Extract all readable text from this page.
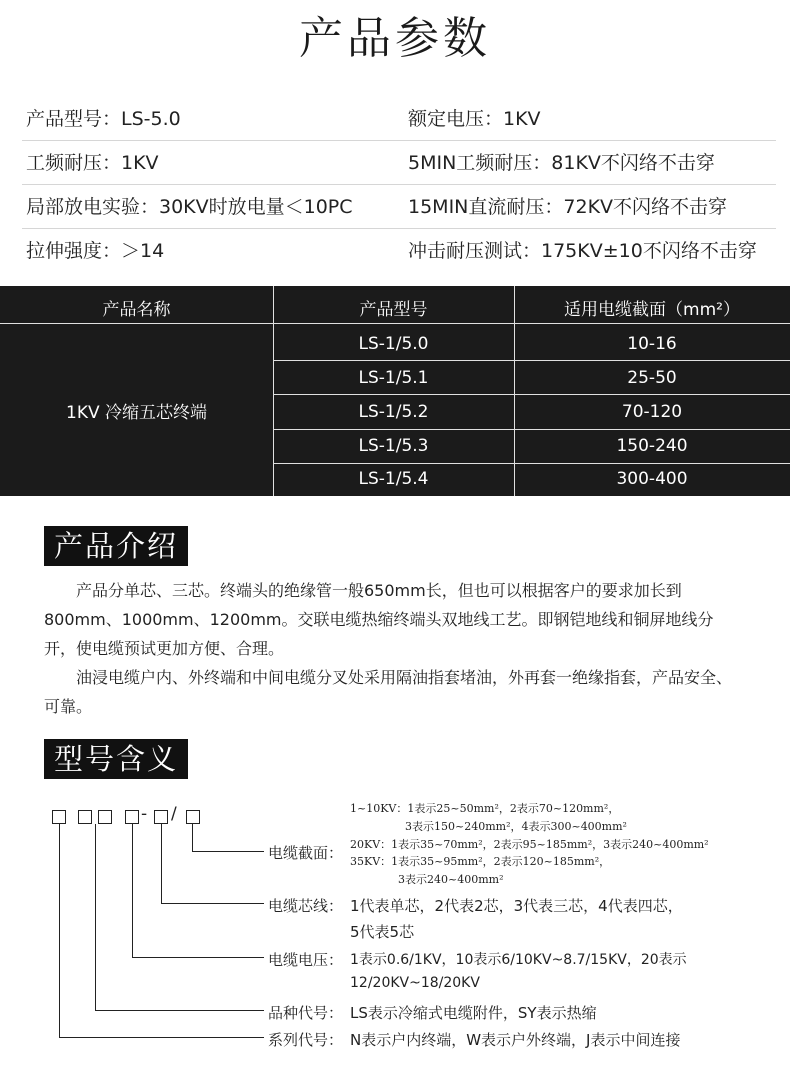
产品参数
产品型号：LS-5.0	额定电压：1KV
工频耐压：1KV	5MIN工频耐压：81KV不闪络不击穿
局部放电实验：30KV时放电量＜10PC	15MIN直流耐压：72KV不闪络不击穿
拉伸强度：＞14	冲击耐压测试：175KV±10不闪络不击穿
产品名称	产品型号	适用电缆截面（mm²）
1KV 冷缩五芯终端
LS-1/5.0	10-16
LS-1/5.1	25-50
LS-1/5.2	70-120
LS-1/5.3	150-240
LS-1/5.4	300-400
产品介绍

产品分单芯、三芯。终端头的绝缘管一般650mm长，但也可以根据客户的要求加长到800mm、1000mm、1200mm。交联电缆热缩终端头双地线工艺。即钢铠地线和铜屏地线分开，使电缆预试更加方便、合理。

油浸电缆户内、外终端和中间电缆分叉处采用隔油指套堵油，外再套一绝缘指套，产品安全、可靠。

型号含义
- /
电缆截面：
1~10KV：1表示25~50mm²，2表示70~120mm²，
3表示150~240mm²，4表示300~400mm²
20KV：1表示35~70mm²，2表示95~185mm²，3表示240~400mm²
35KV：1表示35~95mm²，2表示120~185mm²，
3表示240~400mm²
电缆芯线： 1代表单芯，2代表2芯，3代表三芯，4代表四芯，
5代表5芯
电缆电压： 1表示0.6/1KV，10表示6/10KV~8.7/15KV，20表示
12/20KV~18/20KV
品种代号： LS表示冷缩式电缆附件，SY表示热缩
系列代号： N表示户内终端，W表示户外终端，J表示中间连接
